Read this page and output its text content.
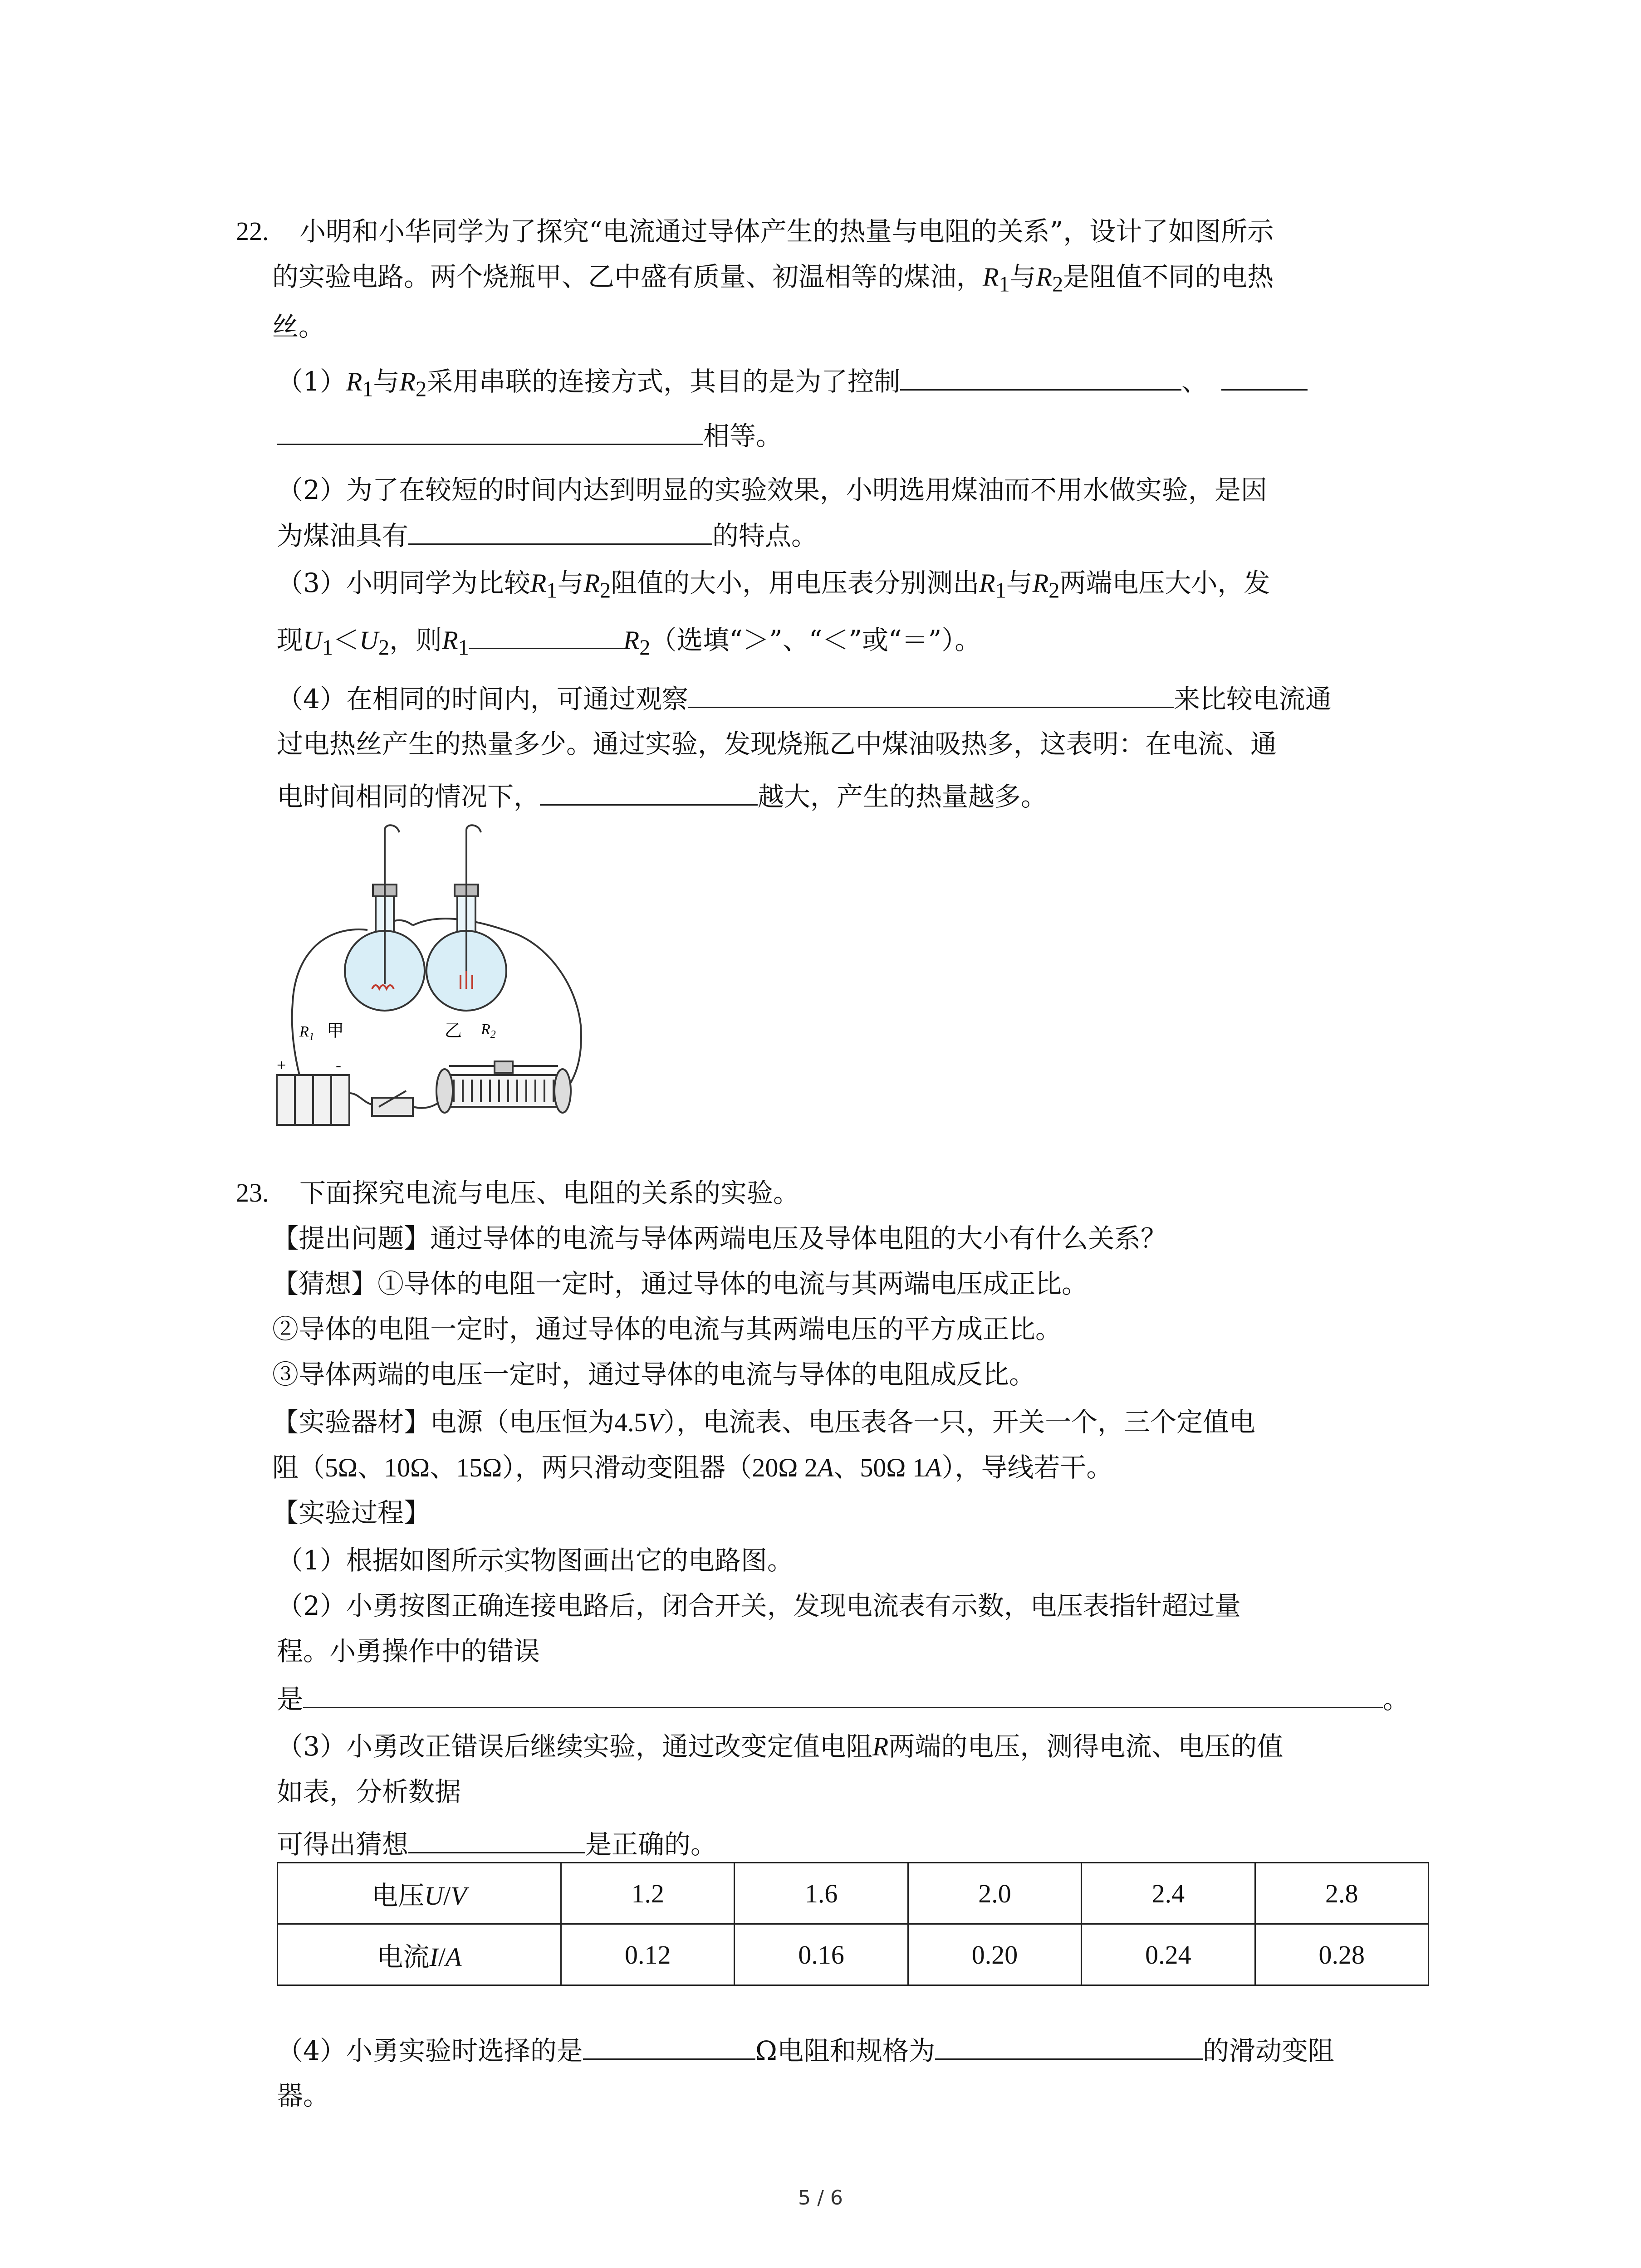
22. 小明和小华同学为了探究“电流通过导体产生的热量与电阻的关系”，设计了如图所示
的实验电路。两个烧瓶甲、乙中盛有质量、初温相等的煤油，$R_1$与$R_2$是阻值不同的电热
丝。
$(1)R_1$与$R_2$采用串联的连接方式，其目的是为了控制	、
相等。
（2）为了在较短的时间内达到明显的实验效果，小明选用煤油而不用水做实验，是因
为煤油具有	的特点。
（3）小明同学为比较$R_1$与$R_2$阻值的大小，用电压表分别测出$R_1$与$R_2$两端电压大小，发
现$U_1<U_2$，则$R_1$	$R_2$（选填“＞”、“＜”或“＝”）。
（4）在相同的时间内，可通过观察	来比较电流通
过电热丝产生的热量多少。通过实验，发现烧瓶乙中煤油吸热多，这表明：在电流、通
电时间相同的情况下，	越大，产生的热量越多。
$R_1$ 甲	乙 $R_2$
+	-
23. 下面探究电流与电压、电阻的关系的实验。
【提出问题】通过导体的电流与导体两端电压及导体电阻的大小有什么关系？
【猜想】①导体的电阻一定时，通过导体的电流与其两端电压成正比。
②导体的电阻一定时，通过导体的电流与其两端电压的平方成正比。
③导体两端的电压一定时，通过导体的电流与导体的电阻成反比。
【实验器材】电源（电压恒为4.5V），电流表、电压表各一只，开关一个，三个定值电
阻（5Ω、10Ω、15Ω），两只滑动变阻器（20Ω 2A、50Ω 1A），导线若干。
【实验过程】
（1）根据如图所示实物图画出它的电路图。
（2）小勇按图正确连接电路后，闭合开关，发现电流表有示数，电压表指针超过量
程。小勇操作中的错误
是	。
（3）小勇改正错误后继续实验，通过改变定值电阻R两端的电压，测得电流、电压的值
如表，分析数据
可得出猜想	是正确的。
电压U/V	1.2	1.6	2.0	2.4	2.8
电流I/A	0.12	0.16	0.20	0.24	0.28
（4）小勇实验时选择的是	Ω电阻和规格为	的滑动变阻
器。
5 / 6
